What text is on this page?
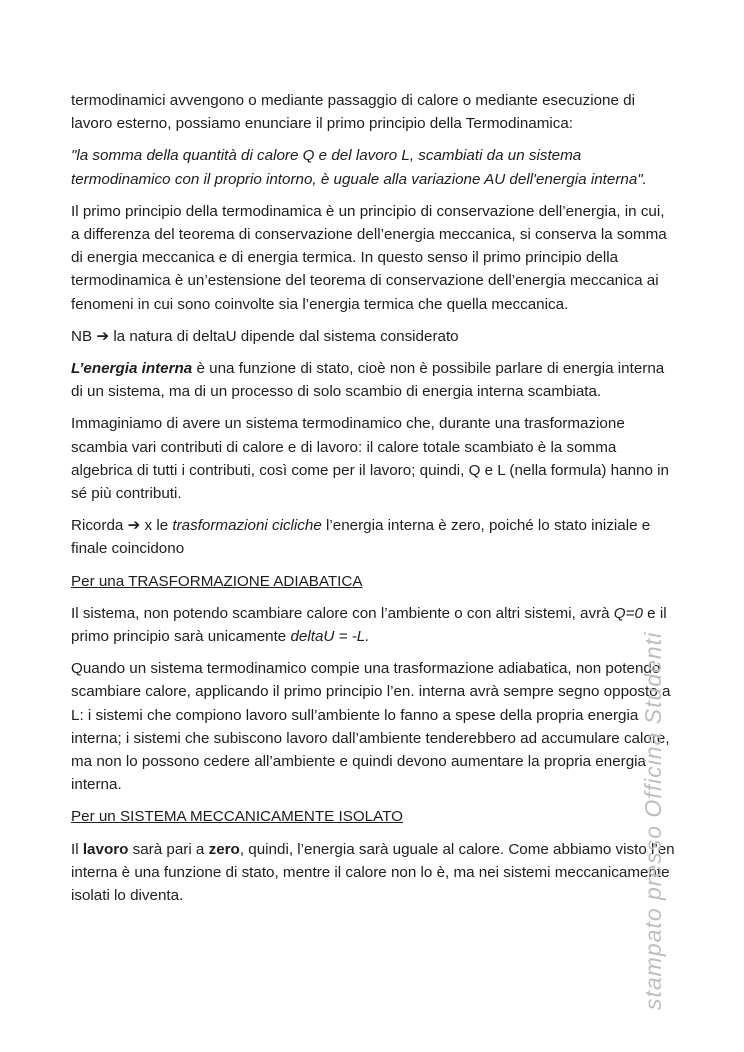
termodinamici avvengono o mediante passaggio di calore o mediante esecuzione di lavoro esterno, possiamo enunciare il primo principio della Termodinamica:

"la somma della quantità di calore Q e del lavoro L, scambiati da un sistema termodinamico con il proprio intorno, è uguale alla variazione AU dell'energia interna".

Il primo principio della termodinamica è un principio di conservazione dell’energia, in cui, a differenza del teorema di conservazione dell’energia meccanica, si conserva la somma di energia meccanica e di energia termica. In questo senso il primo principio della termodinamica è un’estensione del teorema di conservazione dell’energia meccanica ai fenomeni in cui sono coinvolte sia l’energia termica che quella meccanica.

NB ➔ la natura di deltaU dipende dal sistema considerato

L’energia interna è una funzione di stato, cioè non è possibile parlare di energia interna di un sistema, ma di un processo di solo scambio di energia interna scambiata.

Immaginiamo di avere un sistema termodinamico che, durante una trasformazione scambia vari contributi di calore e di lavoro: il calore totale scambiato è la somma algebrica di tutti i contributi, così come per il lavoro; quindi, Q e L (nella formula) hanno in sé più contributi.

Ricorda ➔ x le trasformazioni cicliche l’energia interna è zero, poiché lo stato iniziale e finale coincidono

Per una TRASFORMAZIONE ADIABATICA

Il sistema, non potendo scambiare calore con l’ambiente o con altri sistemi, avrà Q=0 e il primo principio sarà unicamente deltaU = -L.

Quando un sistema termodinamico compie una trasformazione adiabatica, non potendo scambiare calore, applicando il primo principio l’en. interna avrà sempre segno opposto a L: i sistemi che compiono lavoro sull’ambiente lo fanno a spese della propria energia interna; i sistemi che subiscono lavoro dall’ambiente tenderebbero ad accumulare calore, ma non lo possono cedere all’ambiente e quindi devono aumentare la propria energia interna.

Per un SISTEMA MECCANICAMENTE ISOLATO

Il lavoro sarà pari a zero, quindi, l’energia sarà uguale al calore. Come abbiamo visto l’en interna è una funzione di stato, mentre il calore non lo è, ma nei sistemi meccanicamente isolati lo diventa.	stampato presso Officina Studenti
